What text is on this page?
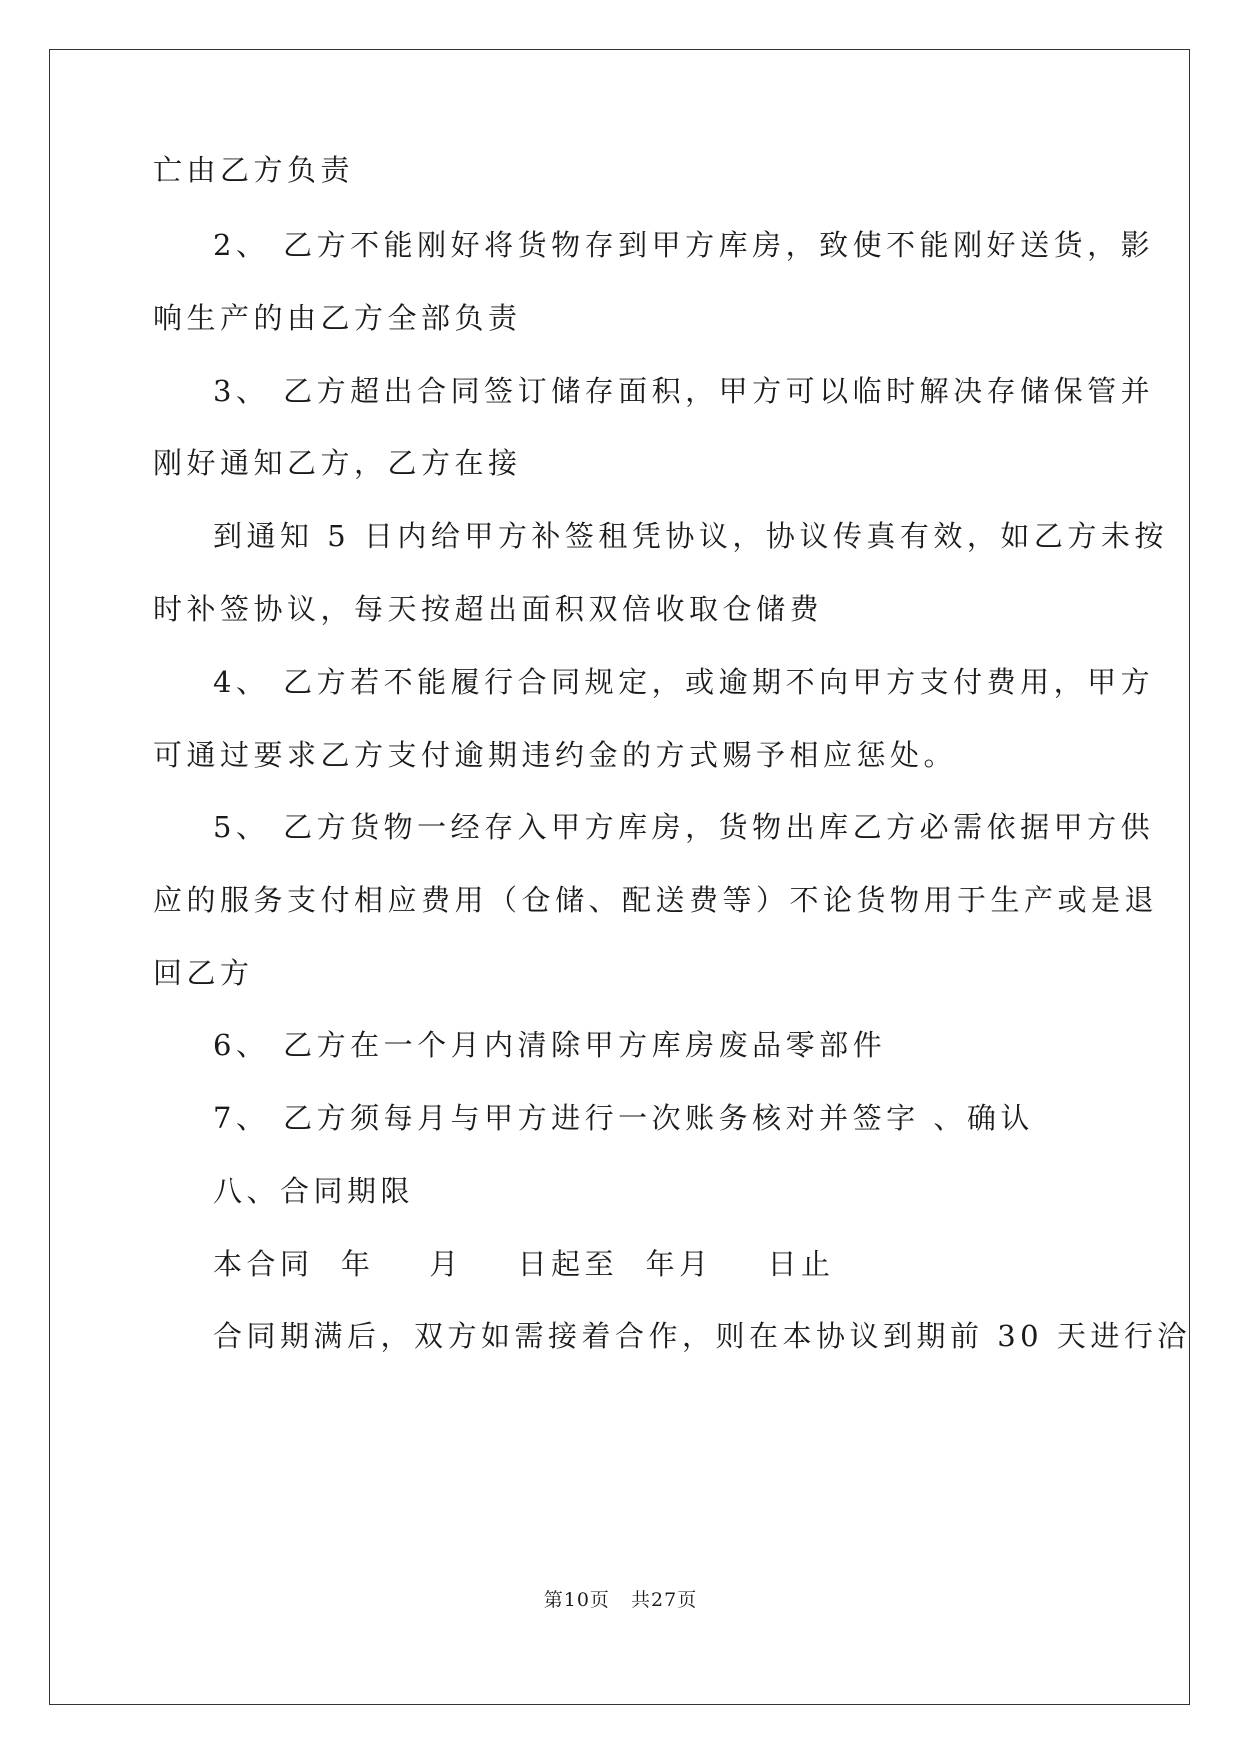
亡由乙方负责
2、 乙方不能刚好将货物存到甲方库房，致使不能刚好送货，影
响生产的由乙方全部负责
3、 乙方超出合同签订储存面积，甲方可以临时解决存储保管并
刚好通知乙方，乙方在接
到通知 5 日内给甲方补签租凭协议，协议传真有效，如乙方未按
时补签协议，每天按超出面积双倍收取仓储费
4、 乙方若不能履行合同规定，或逾期不向甲方支付费用，甲方
可通过要求乙方支付逾期违约金的方式赐予相应惩处。
5、 乙方货物一经存入甲方库房，货物出库乙方必需依据甲方供
应的服务支付相应费用（仓储、配送费等）不论货物用于生产或是退
回乙方
6、 乙方在一个月内清除甲方库房废品零部件
7、 乙方须每月与甲方进行一次账务核对并签字 、确认
八、合同期限
本合同  年    月    日起至  年月    日止
合同期满后，双方如需接着合作，则在本协议到期前 30 天进行洽
第10页   共27页
